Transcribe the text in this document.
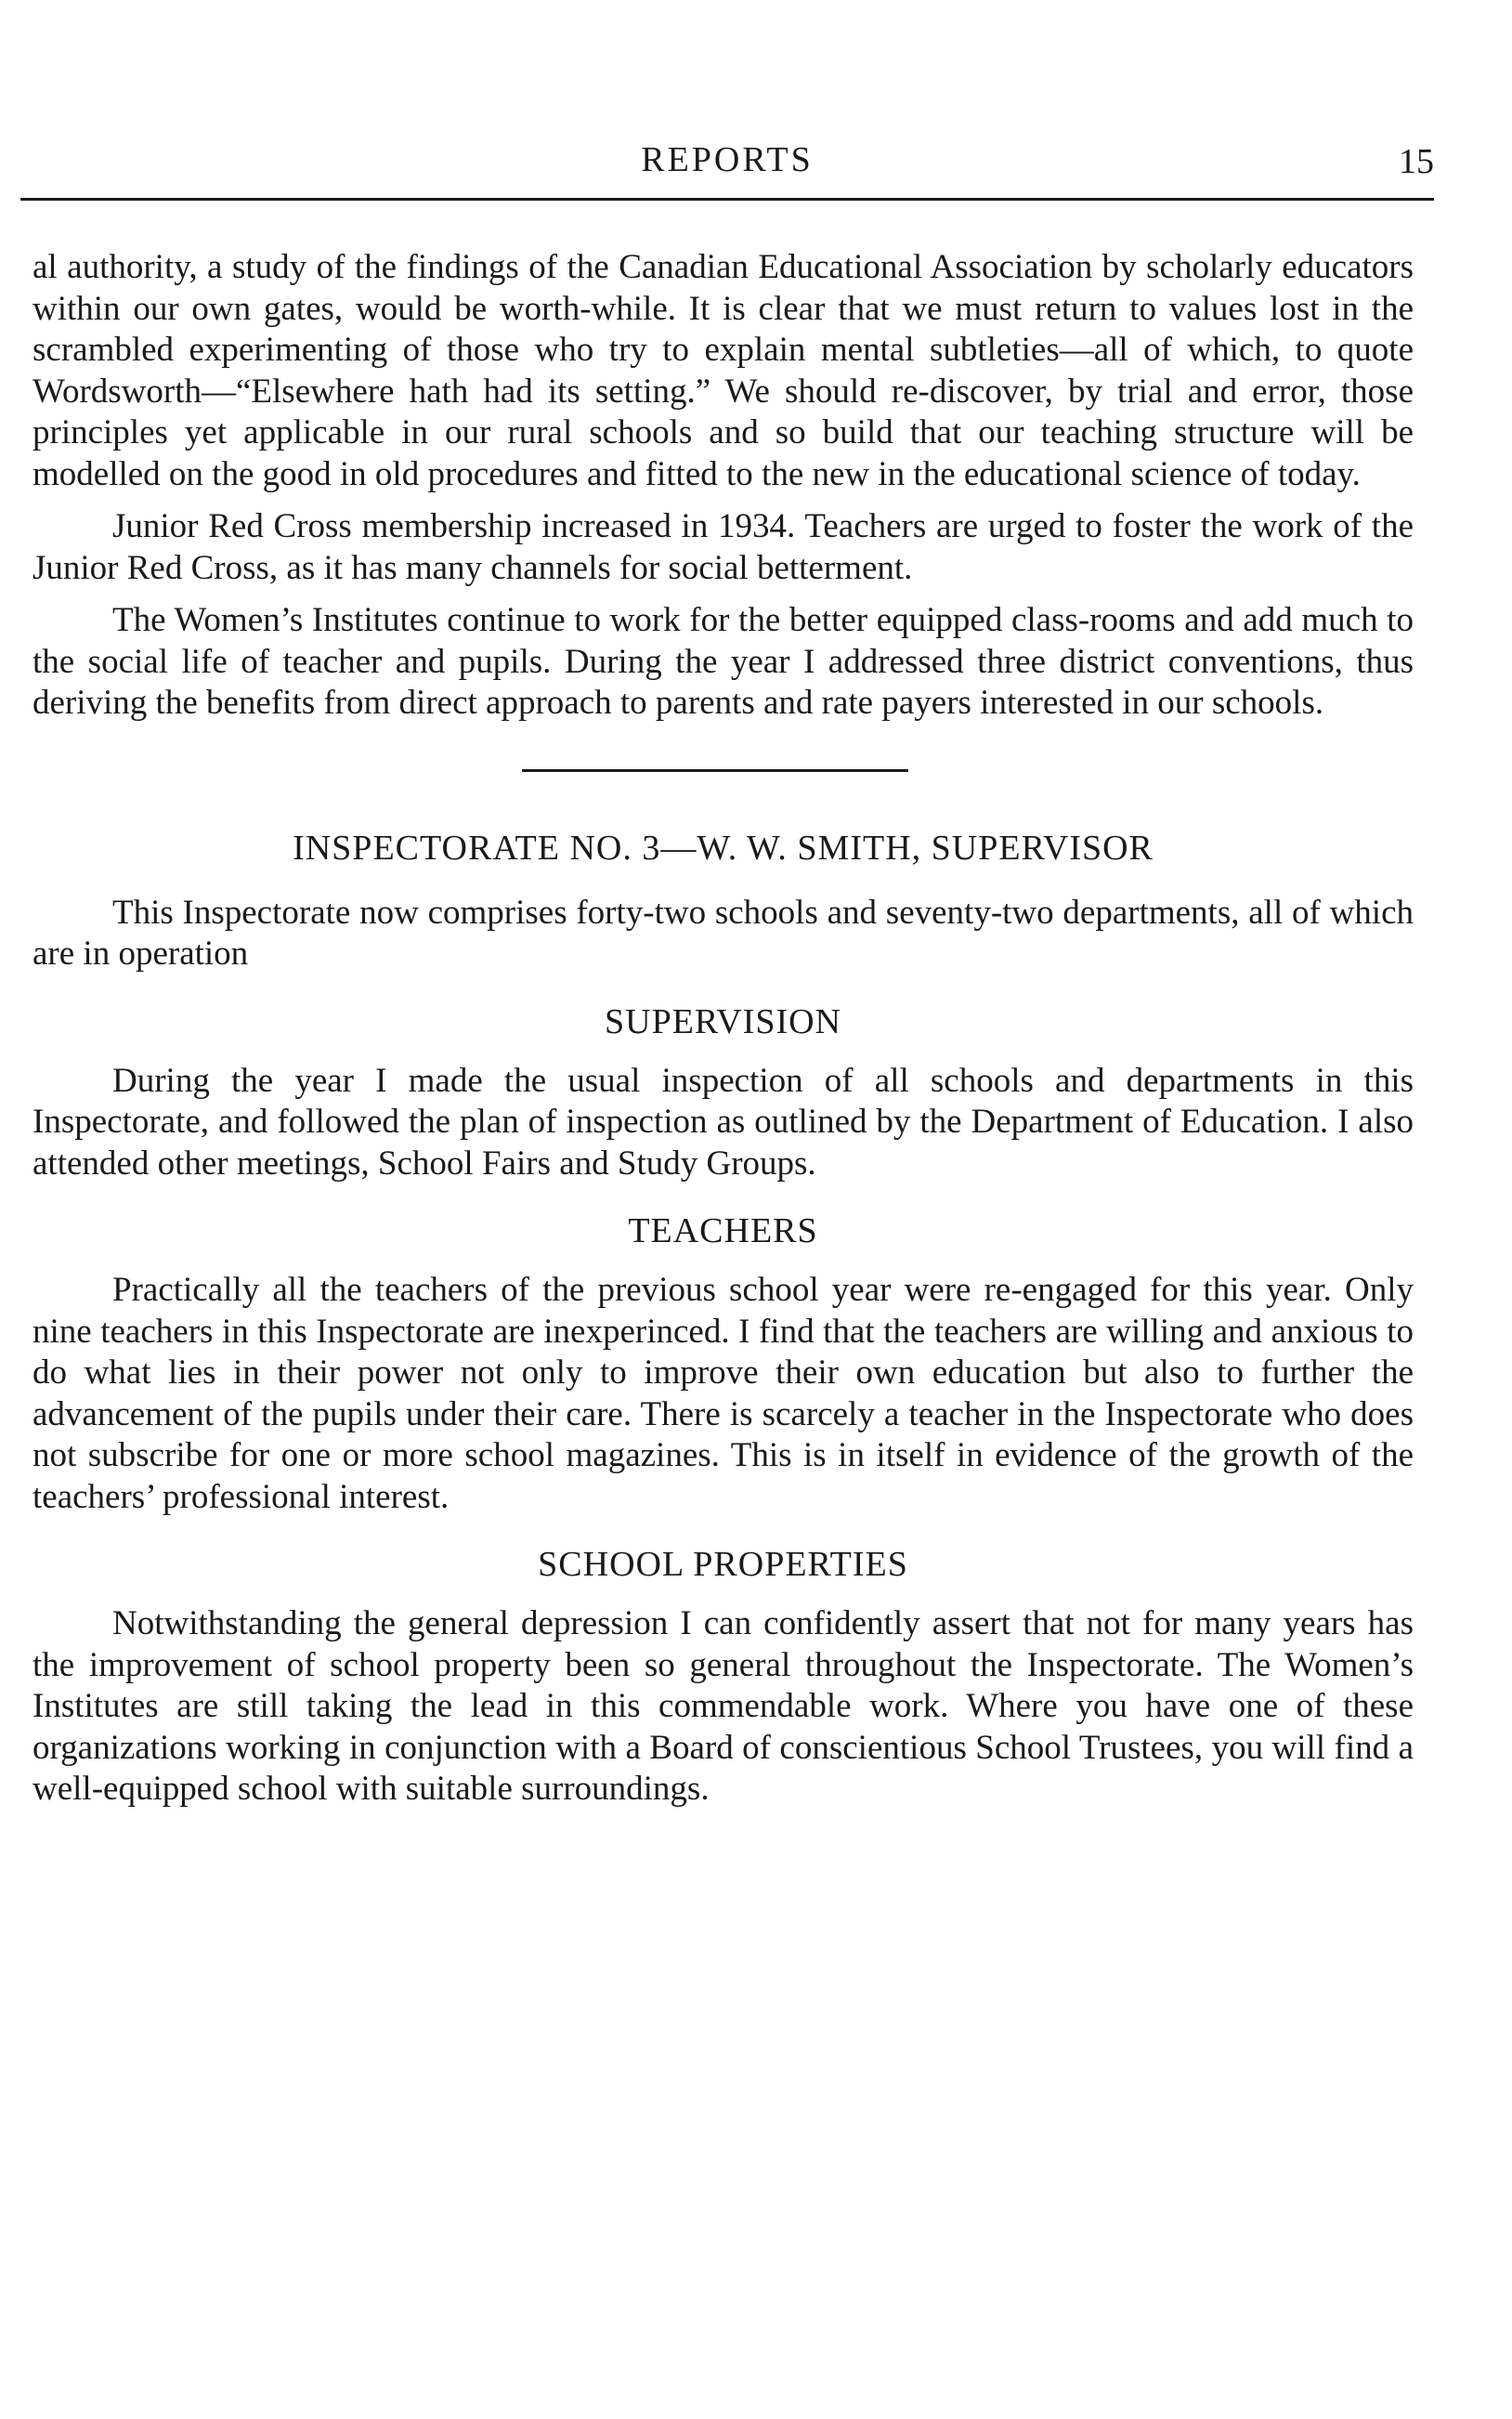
REPORTS	15

al authority, a study of the findings of the Canadian Educational Association by scholarly educators within our own gates, would be worth-while. It is clear that we must return to values lost in the scrambled experimenting of those who try to explain mental subtleties—all of which, to quote Wordsworth—“Elsewhere hath had its setting.” We should re-discover, by trial and error, those principles yet applicable in our rural schools and so build that our teaching structure will be modelled on the good in old procedures and fitted to the new in the educational science of today.

Junior Red Cross membership increased in 1934. Teachers are urged to foster the work of the Junior Red Cross, as it has many channels for social betterment.

The Women’s Institutes continue to work for the better equipped class-rooms and add much to the social life of teacher and pupils. During the year I addressed three district conventions, thus deriving the benefits from direct approach to parents and rate payers interested in our schools.

INSPECTORATE NO. 3—W. W. SMITH, SUPERVISOR

This Inspectorate now comprises forty-two schools and seventy-two departments, all of which are in operation

SUPERVISION

During the year I made the usual inspection of all schools and departments in this Inspectorate, and followed the plan of inspection as outlined by the Department of Education. I also attended other meetings, School Fairs and Study Groups.

TEACHERS

Practically all the teachers of the previous school year were re-engaged for this year. Only nine teachers in this Inspectorate are inexperinced. I find that the teachers are willing and anxious to do what lies in their power not only to improve their own education but also to further the advancement of the pupils under their care. There is scarcely a teacher in the Inspectorate who does not subscribe for one or more school magazines. This is in itself in evidence of the growth of the teachers’ professional interest.

SCHOOL PROPERTIES

Notwithstanding the general depression I can confidently assert that not for many years has the improvement of school property been so general throughout the Inspectorate. The Women’s Institutes are still taking the lead in this commendable work. Where you have one of these organizations working in conjunction with a Board of conscientious School Trustees, you will find a well-equipped school with suitable surroundings.
